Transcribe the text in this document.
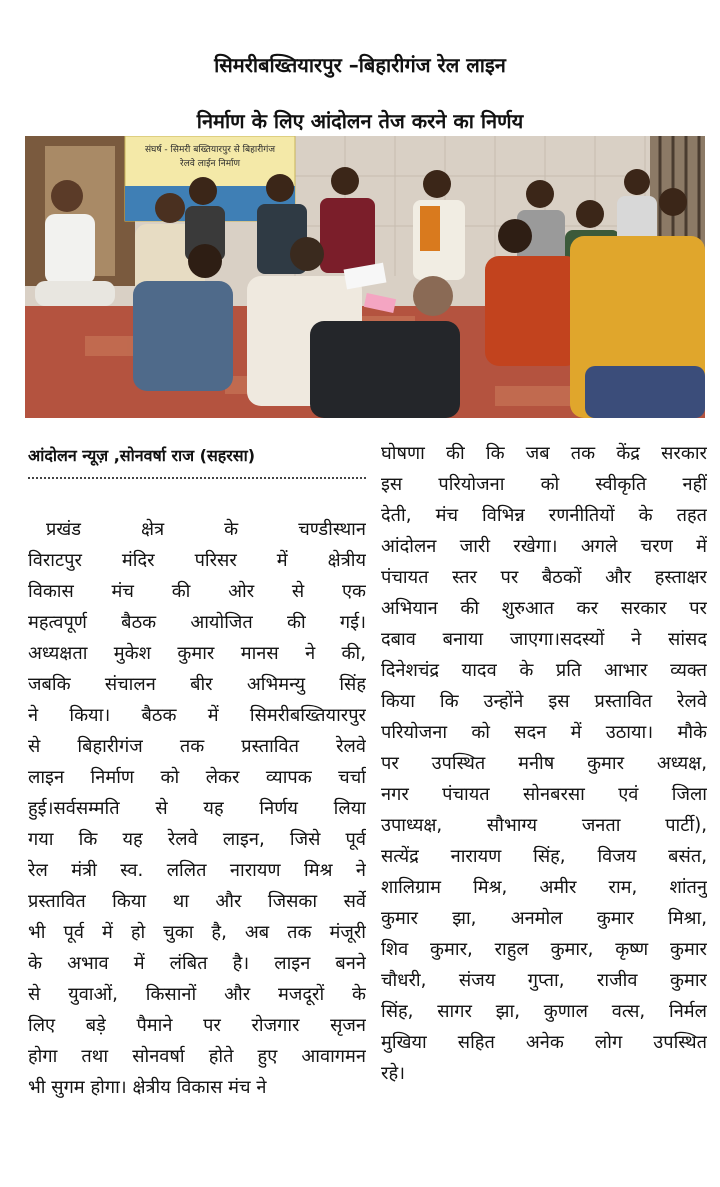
सिमरीबख्तियारपुर –बिहारीगंज रेल लाइन
निर्माण के लिए आंदोलन तेज करने का निर्णय
संघर्ष - सिमरी बख्तियारपुर से बिहारीगंज
रेलवे लाईन निर्माण
आंदोलन न्यूज़ ,सोनवर्षा राज (सहरसा)
प्रखंड क्षेत्र के चण्डीस्थान
विराटपुर मंदिर परिसर में क्षेत्रीय
विकास मंच की ओर से एक
महत्वपूर्ण बैठक आयोजित की गई।
अध्यक्षता मुकेश कुमार मानस ने की,
जबकि संचालन बीर अभिमन्यु सिंह
ने किया। बैठक में सिमरीबख्तियारपुर
से बिहारीगंज तक प्रस्तावित रेलवे
लाइन निर्माण को लेकर व्यापक चर्चा
हुई।सर्वसम्मति से यह निर्णय लिया
गया कि यह रेलवे लाइन, जिसे पूर्व
रेल मंत्री स्व. ललित नारायण मिश्र ने
प्रस्तावित किया था और जिसका सर्वे
भी पूर्व में हो चुका है, अब तक मंजूरी
के अभाव में लंबित है। लाइन बनने
से युवाओं, किसानों और मजदूरों के
लिए बड़े पैमाने पर रोजगार सृजन
होगा तथा सोनवर्षा होते हुए आवागमन
भी सुगम होगा। क्षेत्रीय विकास मंच ने
घोषणा की कि जब तक केंद्र सरकार
इस परियोजना को स्वीकृति नहीं
देती, मंच विभिन्न रणनीतियों के तहत
आंदोलन जारी रखेगा। अगले चरण में
पंचायत स्तर पर बैठकों और हस्ताक्षर
अभियान की शुरुआत कर सरकार पर
दबाव बनाया जाएगा।सदस्यों ने सांसद
दिनेशचंद्र यादव के प्रति आभार व्यक्त
किया कि उन्होंने इस प्रस्तावित रेलवे
परियोजना को सदन में उठाया। मौके
पर उपस्थित मनीष कुमार अध्यक्ष,
नगर पंचायत सोनबरसा एवं जिला
उपाध्यक्ष, सौभाग्य जनता पार्टी),
सत्येंद्र नारायण सिंह, विजय बसंत,
शालिग्राम मिश्र, अमीर राम, शांतनु
कुमार झा, अनमोल कुमार मिश्रा,
शिव कुमार, राहुल कुमार, कृष्ण कुमार
चौधरी, संजय गुप्ता, राजीव कुमार
सिंह, सागर झा, कुणाल वत्स, निर्मल
मुखिया सहित अनेक लोग उपस्थित
रहे।
